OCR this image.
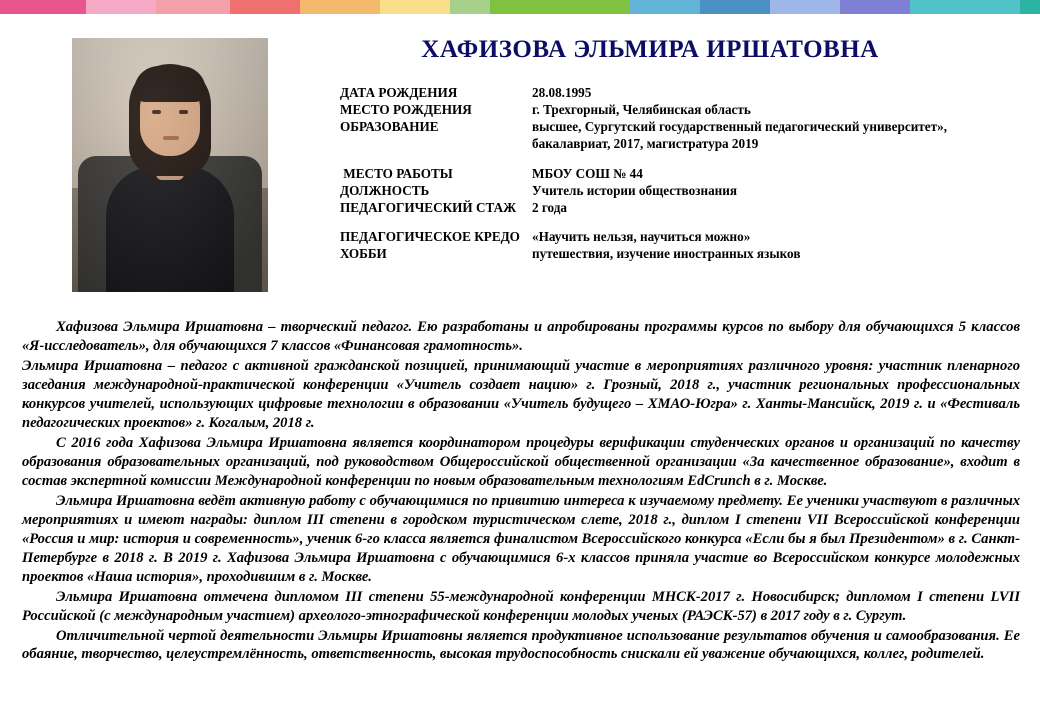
ХАФИЗОВА ЭЛЬМИРА ИРШАТОВНА
ДАТА РОЖДЕНИЯ	28.08.1995
МЕСТО РОЖДЕНИЯ	г. Трехгорный, Челябинская область
ОБРАЗОВАНИЕ	высшее, Сургутский государственный педагогический университет»,
бакалавриат, 2017, магистратура 2019
МЕСТО РАБОТЫ	МБОУ СОШ № 44
ДОЛЖНОСТЬ	Учитель истории обществознания
ПЕДАГОГИЧЕСКИЙ СТАЖ	2 года
ПЕДАГОГИЧЕСКОЕ КРЕДО «Научить нельзя, научиться можно»
ХОББИ	путешествия, изучение иностранных языков

Хафизова Эльмира Иршатовна – творческий педагог. Ею разработаны и апробированы программы курсов по выбору для обучающихся 5 классов «Я-исследователь», для обучающихся 7 классов «Финансовая грамотность».

Эльмира Иршатовна – педагог с активной гражданской позицией, принимающий участие в мероприятиях различного уровня: участник пленарного заседания международной-практической конференции «Учитель создает нацию» г. Грозный, 2018 г., участник региональных профессиональных конкурсов учителей, использующих цифровые технологии в образовании «Учитель будущего – ХМАО-Югра» г. Ханты-Мансийск, 2019 г. и «Фестиваль педагогических проектов» г. Когалым, 2018 г.

С 2016 года Хафизова Эльмира Иршатовна является координатором процедуры верификации студенческих органов и организаций по качеству образования образовательных организаций, под руководством Общероссийской общественной организации «За качественное образование», входит в состав экспертной комиссии Международной конференции по новым образовательным технологиям EdCrunch в г. Москве.

Эльмира Иршатовна ведёт активную работу с обучающимися по привитию интереса к изучаемому предмету. Ее ученики участвуют в различных мероприятиях и имеют награды: диплом III степени в городском туристическом слете, 2018 г., диплом I степени VII Всероссийской конференции «Россия и мир: история и современность», ученик 6-го класса является финалистом Всероссийского конкурса «Если бы я был Президентом» в г. Санкт-Петербурге в 2018 г. В 2019 г. Хафизова Эльмира Иршатовна с обучающимися 6-х классов приняла участие во Всероссийском конкурсе молодежных проектов «Наша история», проходившим в г. Москве.

Эльмира Иршатовна отмечена дипломом III степени 55-международной конференции МНСК-2017 г. Новосибирск; дипломом I степени LVII Российской (с международным участием) археолого-этнографической конференции молодых ученых (РАЭСК-57) в 2017 году в г. Сургут.

Отличительной чертой деятельности Эльмиры Иршатовны является продуктивное использование результатов обучения и самообразования. Ее обаяние, творчество, целеустремлённость, ответственность, высокая трудоспособность снискали ей уважение обучающихся, коллег, родителей.
